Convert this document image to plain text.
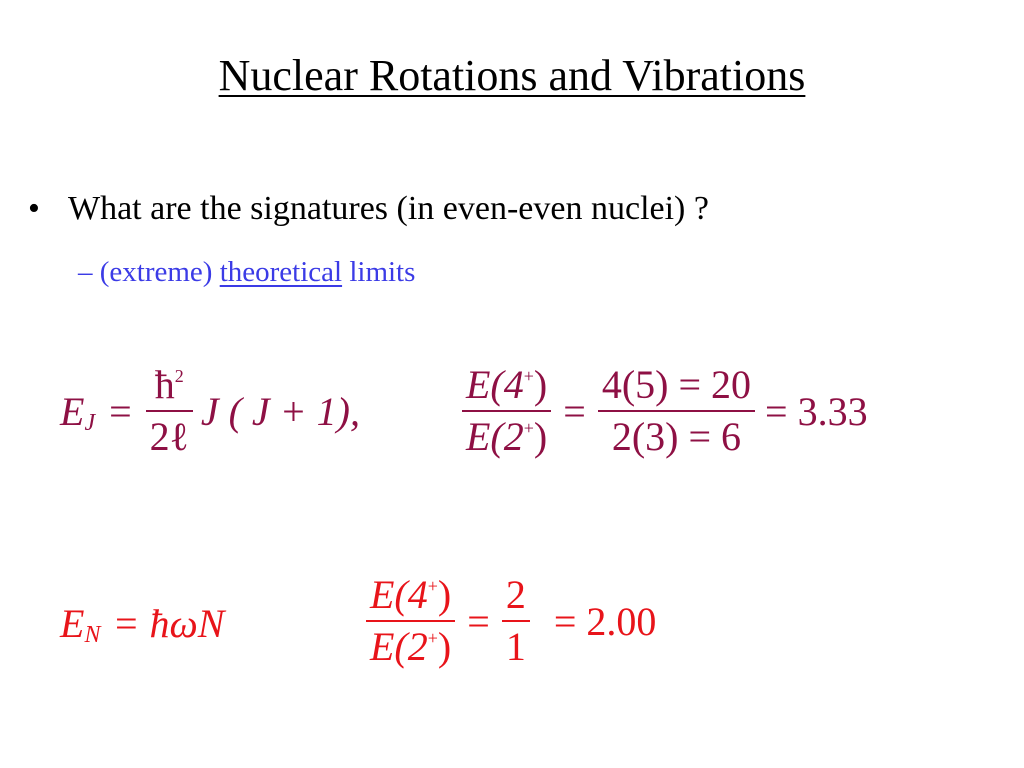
Nuclear Rotations and Vibrations
• What are the signatures (in even-even nuclei) ?
– (extreme) theoretical limits
E $J = \frac{ħ^2}{\text{2ℓ}}$ J ( J + 1),	$\frac{E(4^+)}{E(2^+)} = \frac{4(5) = 20}{2(3) = 6} = 3.33$
E N = ħωN	$\frac{E(4^+)}{E(2^+)} = \frac{2}{1} = 2.00$
